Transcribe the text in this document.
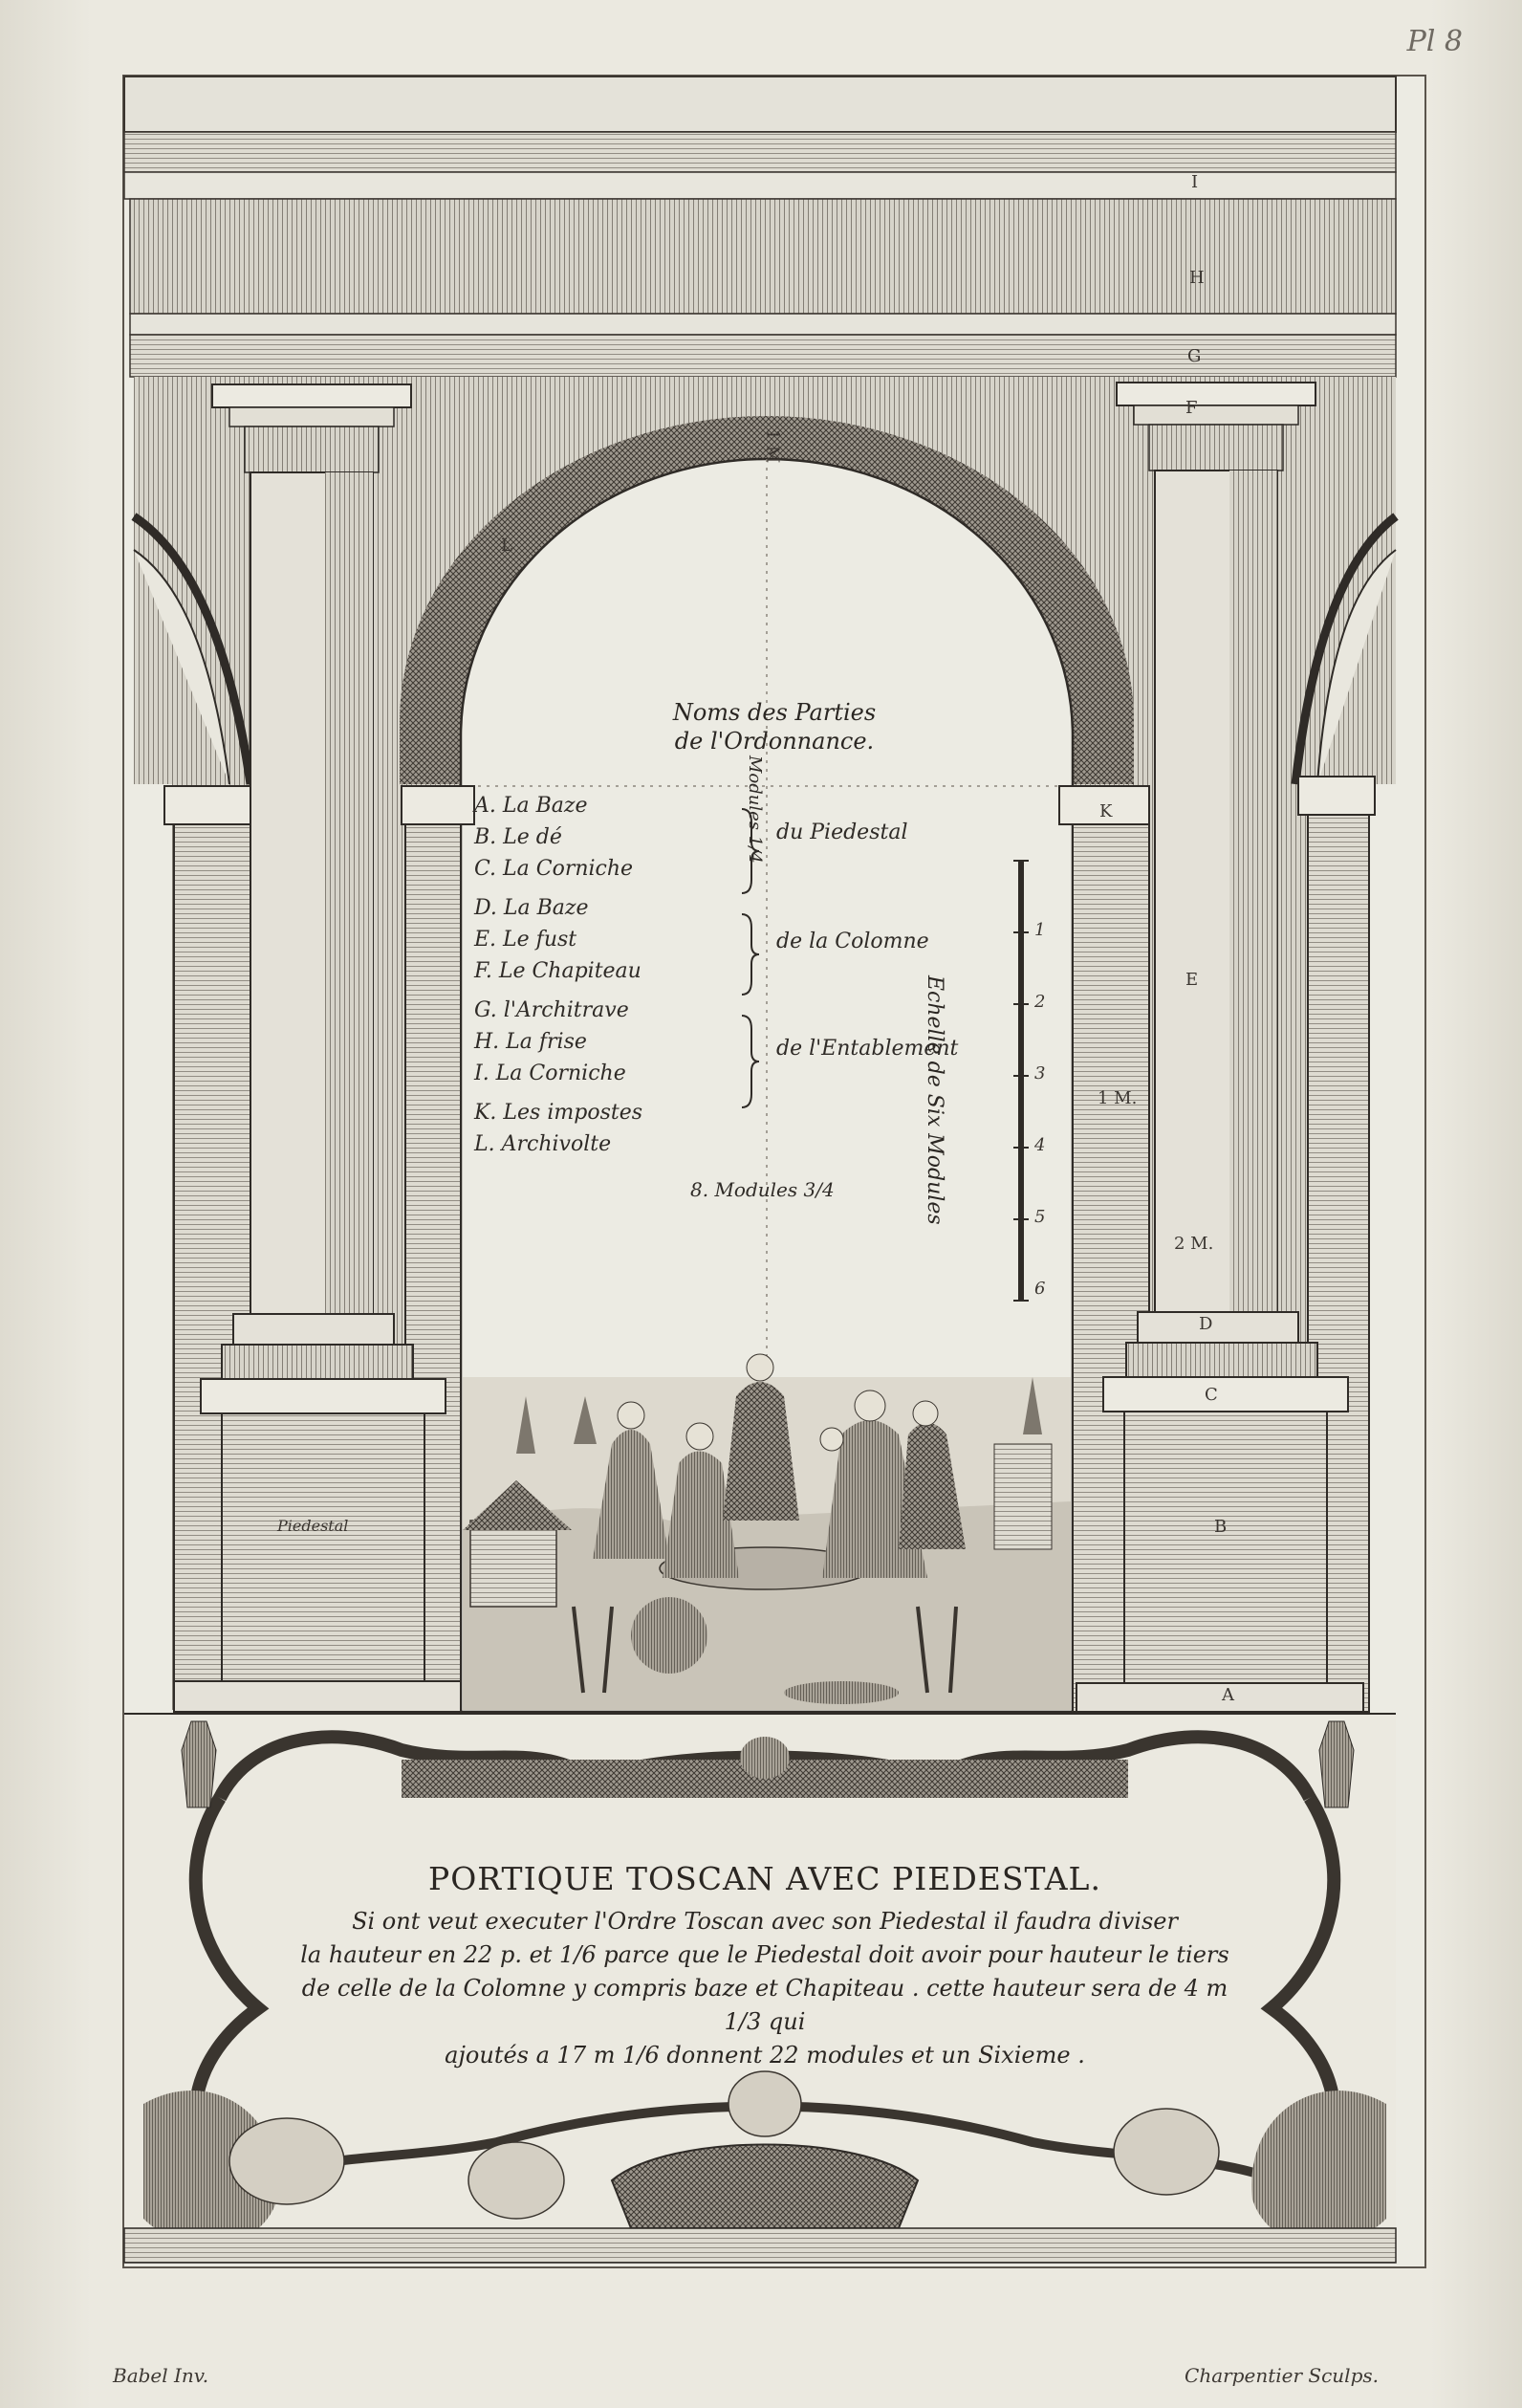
Pl 8
I
H
G
F
L
1 M
K
E
1 M.
2 M.
D
C
B
A
Piedestal
Noms des Parties
de l'Ordonnance.
A. La Baze
B. Le dé
C. La Corniche
D. La Baze
E. Le fust
F. Le Chapiteau
G. l'Architrave
H. La frise
I. La Corniche
K. Les impostes
L. Archivolte
du Piedestal
de la Colomne
de l'Entablement
Modules 1/4
8. Modules 3/4	Echelle de Six Modules
1
2
3
4
5
6
PORTIQUE TOSCAN AVEC PIEDESTAL.
Si ont veut executer l'Ordre Toscan avec son Piedestal il faudra diviser
la hauteur en 22 p. et 1/6 parce que le Piedestal doit avoir pour hauteur le tiers
de celle de la Colomne y compris baze et Chapiteau . cette hauteur sera de 4 m 1/3 qui
ajoutés a 17 m 1/6 donnent 22 modules et un Sixieme .
Babel Inv.	Charpentier Sculps.
